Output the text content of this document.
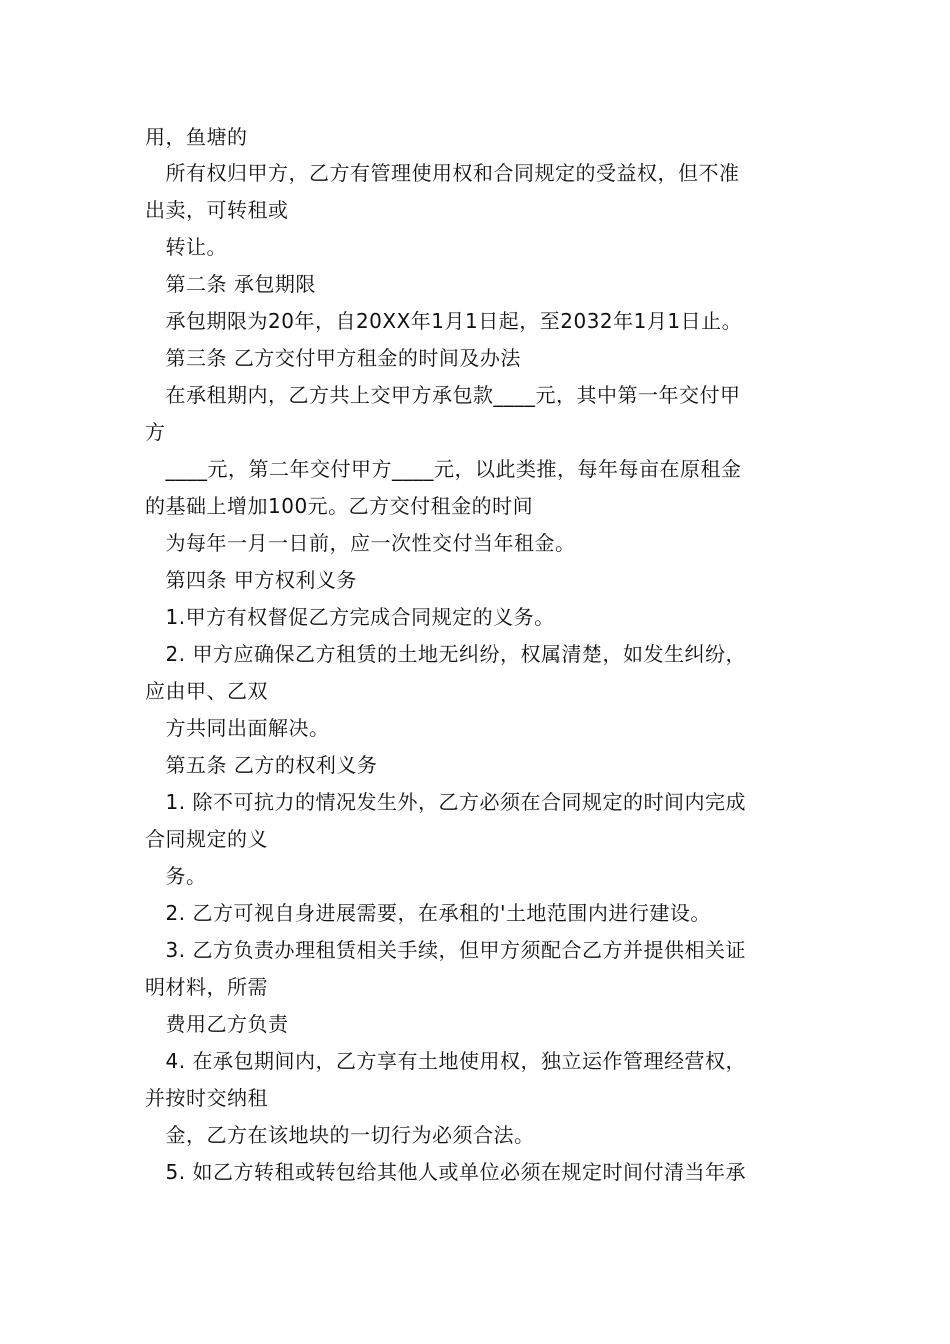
用，鱼塘的
　所有权归甲方，乙方有管理使用权和合同规定的受益权，但不准
出卖，可转租或
　转让。
　第二条 承包期限
　承包期限为20年，自20XX年1月1日起，至2032年1月1日止。
　第三条 乙方交付甲方租金的时间及办法
　在承租期内，乙方共上交甲方承包款____元，其中第一年交付甲
方
　____元，第二年交付甲方____元，以此类推，每年每亩在原租金
的基础上增加100元。乙方交付租金的时间
　为每年一月一日前，应一次性交付当年租金。
　第四条 甲方权利义务
　1.甲方有权督促乙方完成合同规定的义务。
　2. 甲方应确保乙方租赁的土地无纠纷，权属清楚，如发生纠纷，
应由甲、乙双
　方共同出面解决。
　第五条 乙方的权利义务
　1. 除不可抗力的情况发生外，乙方必须在合同规定的时间内完成
合同规定的义
　务。
　2. 乙方可视自身进展需要，在承租的'土地范围内进行建设。
　3. 乙方负责办理租赁相关手续，但甲方须配合乙方并提供相关证
明材料，所需
　费用乙方负责
　4. 在承包期间内，乙方享有土地使用权，独立运作管理经营权，
并按时交纳租
　金，乙方在该地块的一切行为必须合法。
　5. 如乙方转租或转包给其他人或单位必须在规定时间付清当年承
